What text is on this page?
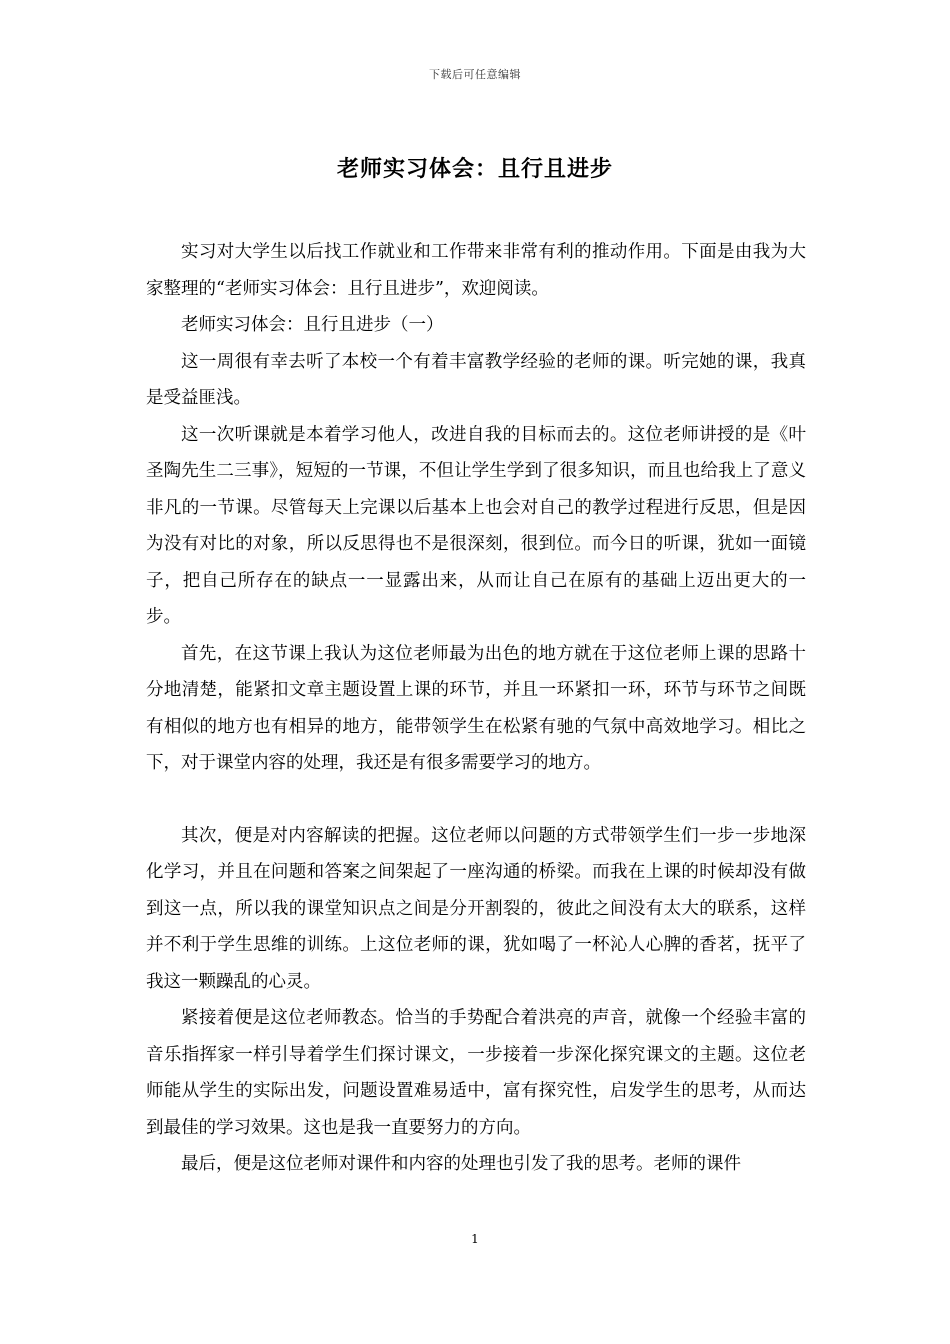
下载后可任意编辑
老师实习体会：且行且进步

实习对大学生以后找工作就业和工作带来非常有利的推动作用。下面是由我为大家整理的“老师实习体会：且行且进步”，欢迎阅读。

老师实习体会：且行且进步（一）

这一周很有幸去听了本校一个有着丰富教学经验的老师的课。听完她的课，我真是受益匪浅。

这一次听课就是本着学习他人，改进自我的目标而去的。这位老师讲授的是《叶圣陶先生二三事》，短短的一节课，不但让学生学到了很多知识，而且也给我上了意义非凡的一节课。尽管每天上完课以后基本上也会对自己的教学过程进行反思，但是因为没有对比的对象，所以反思得也不是很深刻，很到位。而今日的听课，犹如一面镜子，把自己所存在的缺点一一显露出来，从而让自己在原有的基础上迈出更大的一步。

首先，在这节课上我认为这位老师最为出色的地方就在于这位老师上课的思路十分地清楚，能紧扣文章主题设置上课的环节，并且一环紧扣一环，环节与环节之间既有相似的地方也有相异的地方，能带领学生在松紧有驰的气氛中高效地学习。相比之下，对于课堂内容的处理，我还是有很多需要学习的地方。

其次，便是对内容解读的把握。这位老师以问题的方式带领学生们一步一步地深化学习，并且在问题和答案之间架起了一座沟通的桥梁。而我在上课的时候却没有做到这一点，所以我的课堂知识点之间是分开割裂的，彼此之间没有太大的联系，这样并不利于学生思维的训练。上这位老师的课，犹如喝了一杯沁人心脾的香茗，抚平了我这一颗躁乱的心灵。

紧接着便是这位老师教态。恰当的手势配合着洪亮的声音，就像一个经验丰富的音乐指挥家一样引导着学生们探讨课文，一步接着一步深化探究课文的主题。这位老师能从学生的实际出发，问题设置难易适中，富有探究性，启发学生的思考，从而达到最佳的学习效果。这也是我一直要努力的方向。

最后，便是这位老师对课件和内容的处理也引发了我的思考。老师的课件

1
